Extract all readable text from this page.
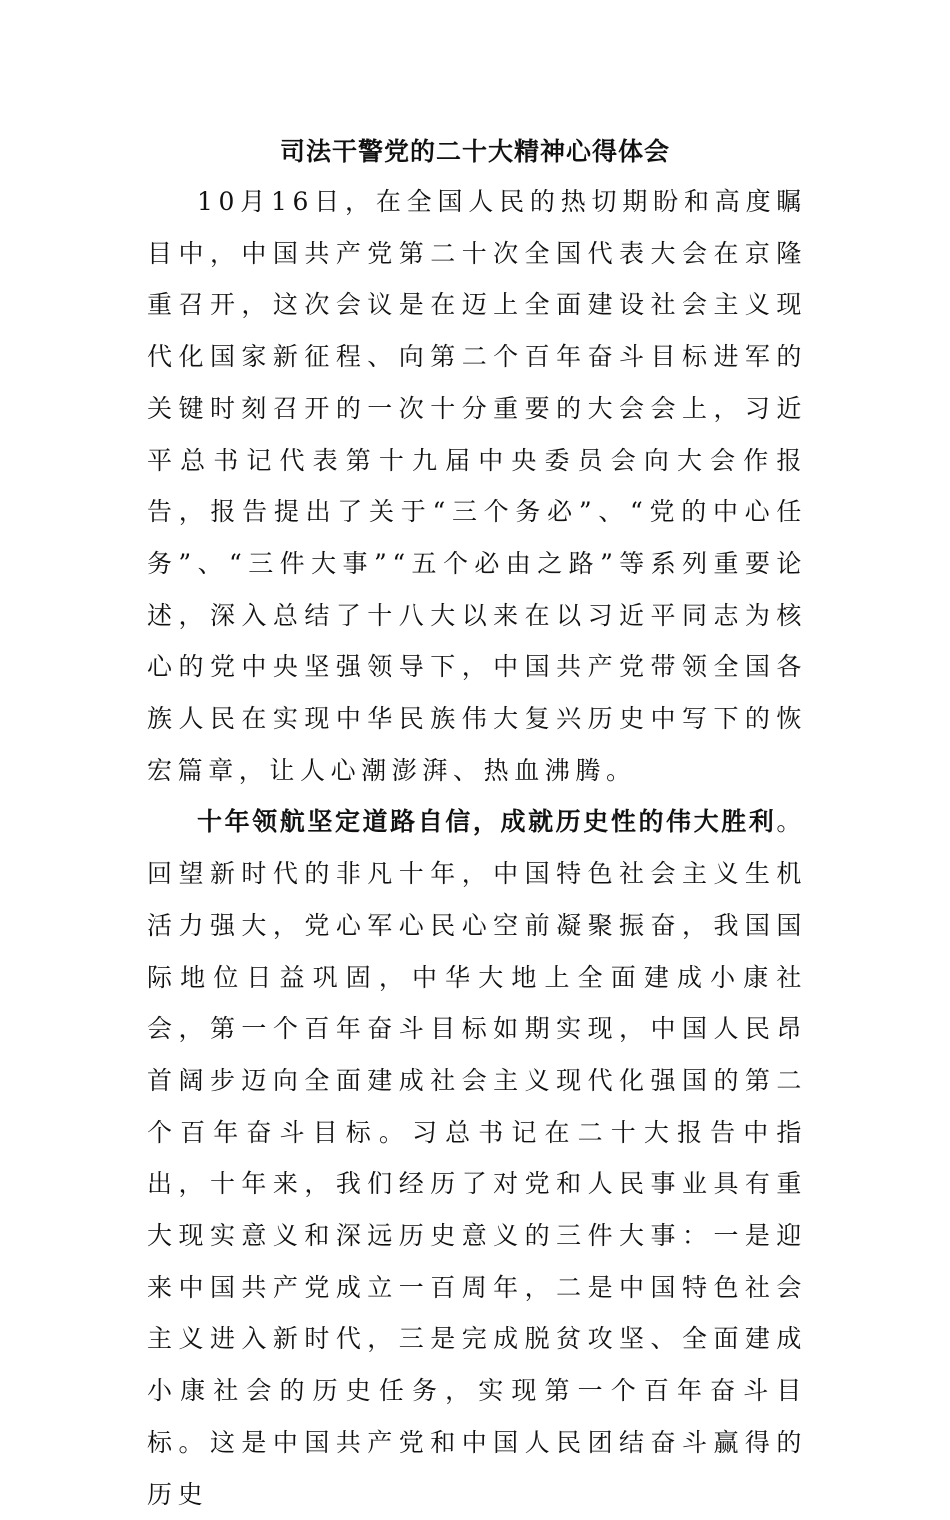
司法干警党的二十大精神心得体会

10月16日，在全国人民的热切期盼和高度瞩目中，中国共产党第二十次全国代表大会在京隆重召开，这次会议是在迈上全面建设社会主义现代化国家新征程、向第二个百年奋斗目标进军的关键时刻召开的一次十分重要的大会会上，习近平总书记代表第十九届中央委员会向大会作报告，报告提出了关于“三个务必”、“党的中心任务”、“三件大事”“五个必由之路”等系列重要论述，深入总结了十八大以来在以习近平同志为核心的党中央坚强领导下，中国共产党带领全国各族人民在实现中华民族伟大复兴历史中写下的恢宏篇章，让人心潮澎湃、热血沸腾。

十年领航坚定道路自信，成就历史性的伟大胜利。回望新时代的非凡十年，中国特色社会主义生机活力强大，党心军心民心空前凝聚振奋，我国国际地位日益巩固，中华大地上全面建成小康社会，第一个百年奋斗目标如期实现，中国人民昂首阔步迈向全面建成社会主义现代化强国的第二个百年奋斗目标。习总书记在二十大报告中指出，十年来，我们经历了对党和人民事业具有重大现实意义和深远历史意义的三件大事：一是迎来中国共产党成立一百周年，二是中国特色社会主义进入新时代，三是完成脱贫攻坚、全面建成小康社会的历史任务，实现第一个百年奋斗目标。这是中国共产党和中国人民团结奋斗赢得的历史
